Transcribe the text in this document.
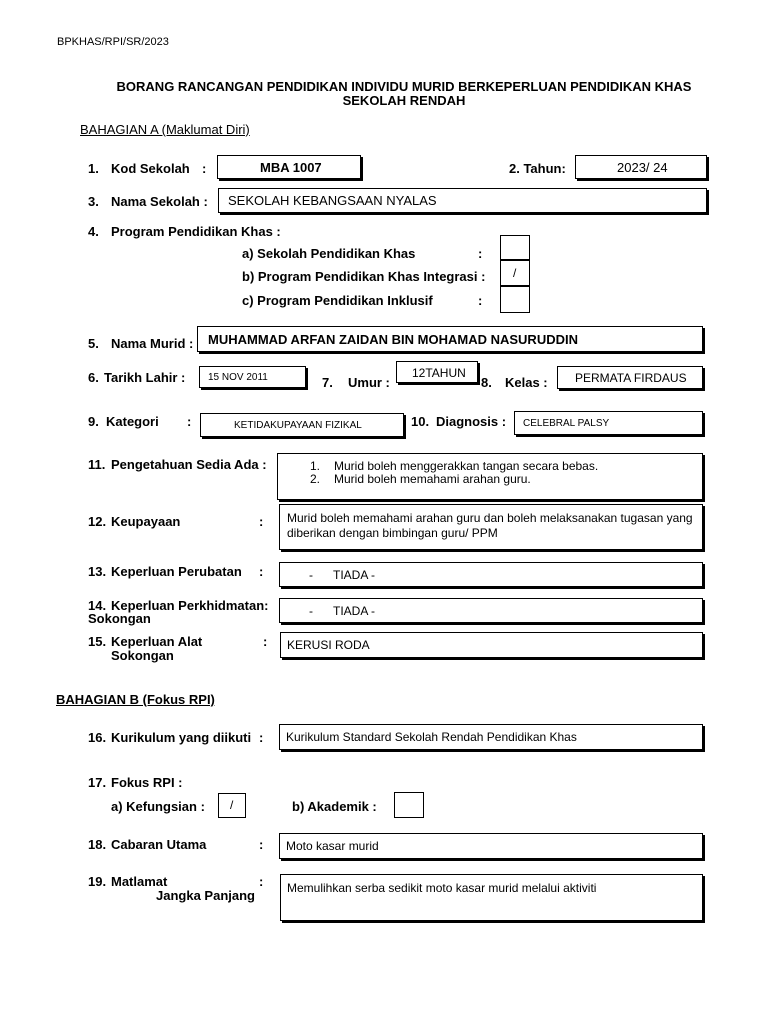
BPKHAS/RPI/SR/2023
BORANG RANCANGAN PENDIDIKAN INDIVIDU MURID BERKEPERLUAN PENDIDIKAN KHAS
SEKOLAH RENDAH
BAHAGIAN A (Maklumat Diri)
1. Kod Sekolah :	MBA 1007	2. Tahun:	2023/ 24
3. Nama Sekolah : SEKOLAH KEBANGSAAN NYALAS
4. Program Pendidikan Khas :
a) Sekolah Pendidikan Khas	:
b) Program Pendidikan Khas Integrasi : /
c) Program Pendidikan Inklusif	:
5. Nama Murid : MUHAMMAD ARFAN ZAIDAN BIN MOHAMAD NASURUDDIN
6. Tarikh Lahir : 15 NOV 2011	7. Umur :
12TAHUN
8. Kelas : PERMATA FIRDAUS
9. Kategori :	KETIDAKUPAYAAN FIZIKAL	10. Diagnosis : CELEBRAL PALSY
11. Pengetahuan Sedia Ada :	1. Murid boleh menggerakkan tangan secara bebas.
2. Murid boleh memahami arahan guru.
12. Keupayaan	: Murid boleh memahami arahan guru dan boleh melaksanakan tugasan yang diberikan dengan bimbingan guru/ PPM
13. Keperluan Perubatan :	- TIADA -
14. Keperluan Perkhidmatan:
Sokongan	- TIADA -
15. Keperluan Alat
Sokongan
: KERUSI RODA
BAHAGIAN B (Fokus RPI)
16. Kurikulum yang diikuti : Kurikulum Standard Sekolah Rendah Pendidikan Khas
17. Fokus RPI :
a) Kefungsian : /	b) Akademik :
18. Cabaran Utama	: Moto kasar murid
19. Matlamat
Jangka Panjang
: Memulihkan serba sedikit moto kasar murid melalui aktiviti
